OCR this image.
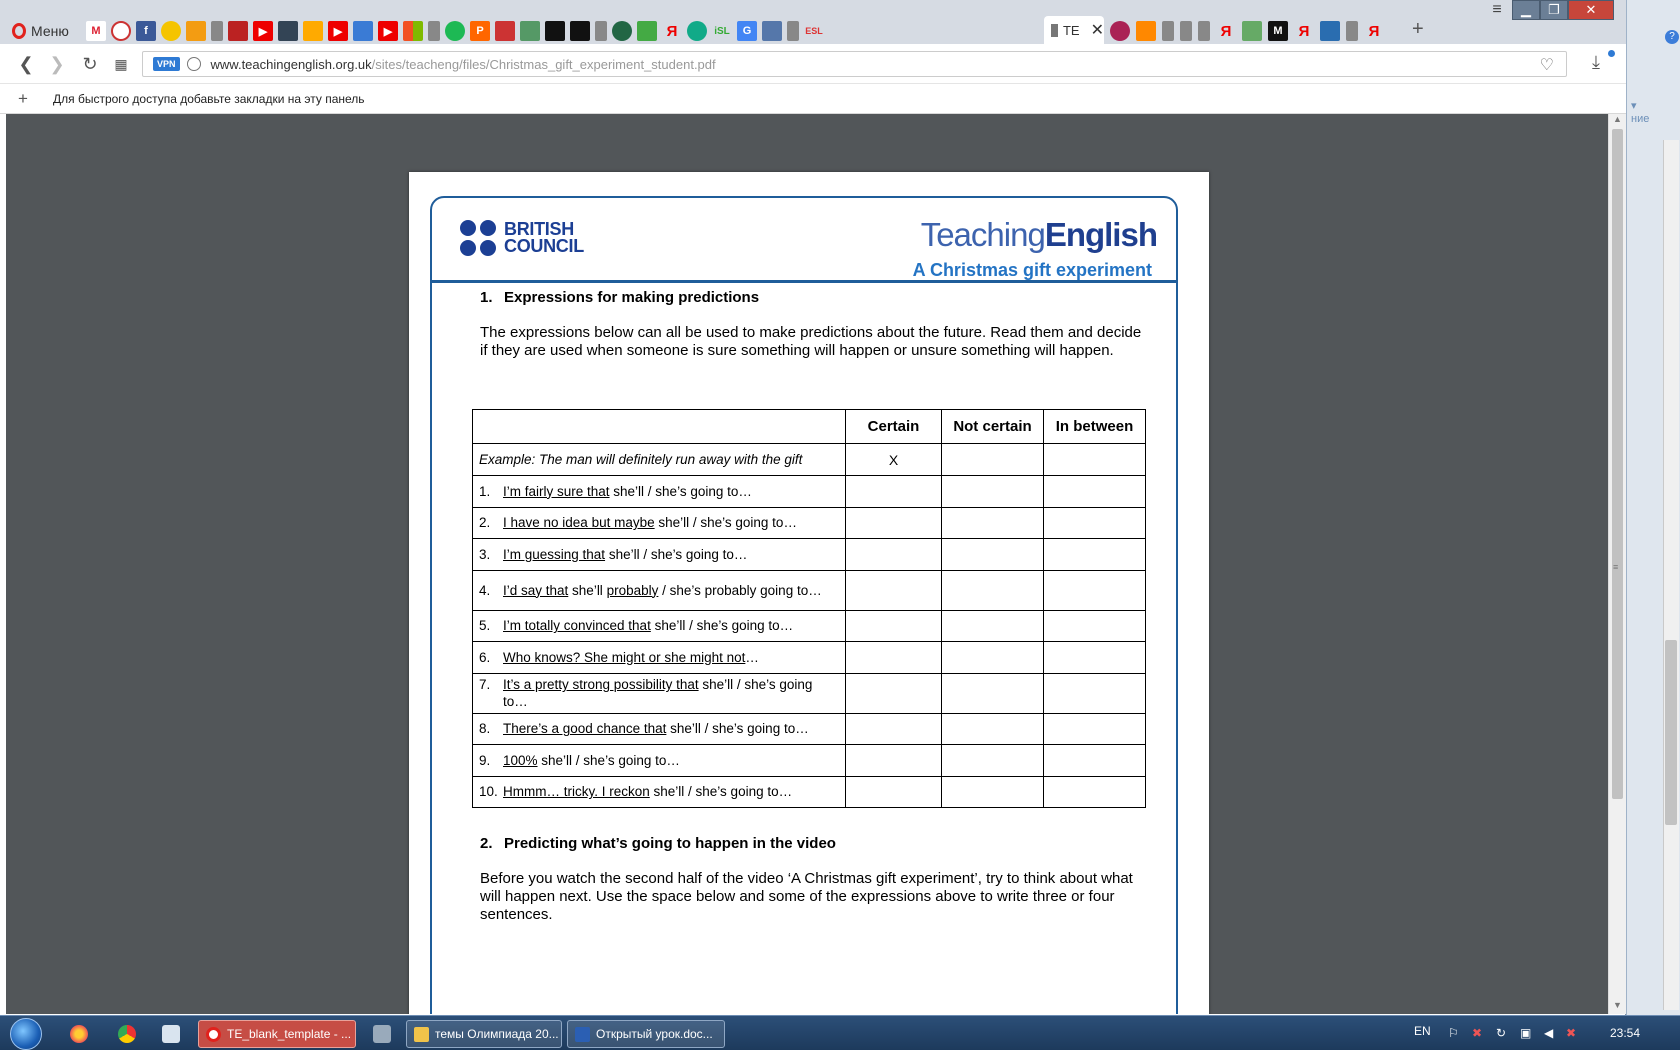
?
▾
ние
Меню	M	f	▶	▶	▶	P	Я	iSL	G	ESL	TE ✕	Я	M	Я	Я +
≡	▁	❐	✕
❮ ❯ ↻ ▦	VPN	www.teachingenglish.org.uk/sites/teacheng/files/Christmas_gift_experiment_student.pdf	♡ ⤓
+ Для быстрого доступа добавьте закладки на эту панель
BRITISH
COUNCIL	TeachingEnglish
A Christmas gift experiment
1. Expressions for making predictions
The expressions below can all be used to make predictions about the future. Read them and decide if they are used when someone is sure something will happen or unsure something will happen.
	Certain	Not certain	In between
Example: The man will definitely run away with the gift	X		

1. I’m fairly sure that she’ll / she’s going to…			

2. I have no idea but maybe she’ll / she’s going to…			

3. I’m guessing that she’ll / she’s going to…			

4. I’d say that she’ll probably / she’s probably going to…			

5. I’m totally convinced that she’ll / she’s going to…			

6. Who knows? She might or she might not…			

7. It’s a pretty strong possibility that she’ll / she’s going to…			

8. There’s a good chance that she’ll / she’s going to…			

9. 100% she’ll / she’s going to…			

10. Hmmm… tricky. I reckon she’ll / she’s going to…			

2. Predicting what’s going to happen in the video
Before you watch the second half of the video ‘A Christmas gift experiment’, try to think about what will happen next. Use the space below and some of the expressions above to write three or four sentences.
▲
≡
▼
TE_blank_template - ...	темы Олимпиада 20...	Открытый урок.doc...	EN ⚐ ✖ ↻ ▣ ◀ ✖	23:54
